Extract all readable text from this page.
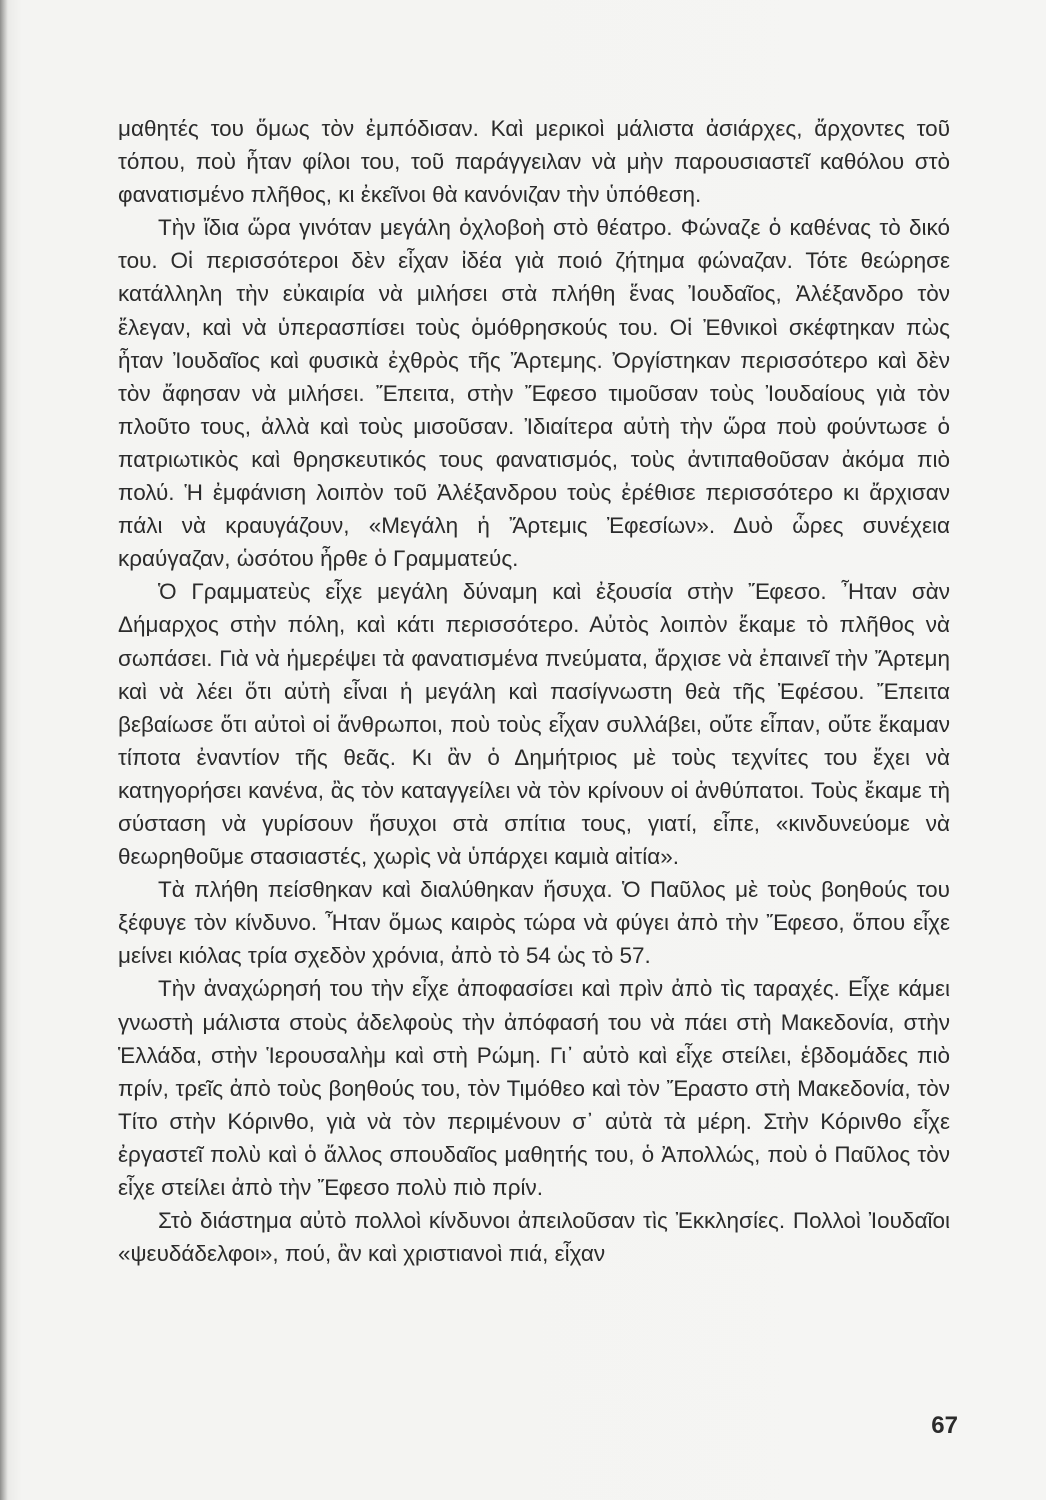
μαθητές του ὅμως τὸν ἐμπόδισαν. Καὶ μερικοὶ μάλιστα ἀσιάρχες, ἄρχοντες τοῦ τόπου, ποὺ ἦταν φίλοι του, τοῦ παράγγειλαν νὰ μὴν παρουσιαστεῖ καθόλου στὸ φανατισμένο πλῆθος, κι ἐκεῖνοι θὰ κανόνιζαν τὴν ὑπόθεση.

Τὴν ἴδια ὥρα γινόταν μεγάλη ὀχλοβοὴ στὸ θέατρο. Φώναζε ὁ καθένας τὸ δικό του. Οἱ περισσότεροι δὲν εἶχαν ἰδέα γιὰ ποιό ζήτημα φώναζαν. Τότε θεώρησε κατάλληλη τὴν εὐκαιρία νὰ μιλήσει στὰ πλήθη ἕνας Ἰουδαῖος, Ἀλέξανδρο τὸν ἔλεγαν, καὶ νὰ ὑπερασπίσει τοὺς ὁμόθρησκούς του. Οἱ Ἐθνικοὶ σκέφτηκαν πὼς ἦταν Ἰουδαῖος καὶ φυσικὰ ἐχθρὸς τῆς Ἄρτεμης. Ὀργίστηκαν περισσότερο καὶ δὲν τὸν ἄφησαν νὰ μιλήσει. Ἔπειτα, στὴν Ἔφεσο τιμοῦσαν τοὺς Ἰουδαίους γιὰ τὸν πλοῦτο τους, ἀλλὰ καὶ τοὺς μισοῦσαν. Ἰδιαίτερα αὐτὴ τὴν ὥρα ποὺ φούντωσε ὁ πατριωτικὸς καὶ θρησκευτικός τους φανατισμός, τοὺς ἀντιπαθοῦσαν ἀκόμα πιὸ πολύ. Ἡ ἐμφάνιση λοιπὸν τοῦ Ἀλέξανδρου τοὺς ἐρέθισε περισσότερο κι ἄρχισαν πάλι νὰ κραυγάζουν, «Μεγάλη ἡ Ἄρτεμις Ἐφεσίων». Δυὸ ὧρες συνέχεια κραύγαζαν, ὡσότου ἦρθε ὁ Γραμματεύς.

Ὁ Γραμματεὺς εἶχε μεγάλη δύναμη καὶ ἐξουσία στὴν Ἔφεσο. Ἦταν σὰν Δήμαρχος στὴν πόλη, καὶ κάτι περισσότερο. Αὐτὸς λοιπὸν ἔκαμε τὸ πλῆθος νὰ σωπάσει. Γιὰ νὰ ἡμερέψει τὰ φανατισμένα πνεύματα, ἄρχισε νὰ ἐπαινεῖ τὴν Ἄρτεμη καὶ νὰ λέει ὅτι αὐτὴ εἶναι ἡ μεγάλη καὶ πασίγνωστη θεὰ τῆς Ἐφέσου. Ἔπειτα βεβαίωσε ὅτι αὐτοὶ οἱ ἄνθρωποι, ποὺ τοὺς εἶχαν συλλάβει, οὔτε εἶπαν, οὔτε ἔκαμαν τίποτα ἐναντίον τῆς θεᾶς. Κι ἂν ὁ Δημήτριος μὲ τοὺς τεχνίτες του ἔχει νὰ κατηγορήσει κανένα, ἂς τὸν καταγγείλει νὰ τὸν κρίνουν οἱ ἀνθύπατοι. Τοὺς ἔκαμε τὴ σύσταση νὰ γυρίσουν ἥσυχοι στὰ σπίτια τους, γιατί, εἶπε, «κινδυνεύομε νὰ θεωρηθοῦμε στασιαστές, χωρὶς νὰ ὑπάρχει καμιὰ αἰτία».

Τὰ πλήθη πείσθηκαν καὶ διαλύθηκαν ἥσυχα. Ὁ Παῦλος μὲ τοὺς βοηθούς του ξέφυγε τὸν κίνδυνο. Ἦταν ὅμως καιρὸς τώρα νὰ φύγει ἀπὸ τὴν Ἔφεσο, ὅπου εἶχε μείνει κιόλας τρία σχεδὸν χρόνια, ἀπὸ τὸ 54 ὡς τὸ 57.

Τὴν ἀναχώρησή του τὴν εἶχε ἀποφασίσει καὶ πρὶν ἀπὸ τὶς ταραχές. Εἶχε κάμει γνωστὴ μάλιστα στοὺς ἀδελφοὺς τὴν ἀπόφασή του νὰ πάει στὴ Μακεδονία, στὴν Ἑλλάδα, στὴν Ἱερουσαλὴμ καὶ στὴ Ρώμη. Γι᾽ αὐτὸ καὶ εἶχε στείλει, ἑβδομάδες πιὸ πρίν, τρεῖς ἀπὸ τοὺς βοηθούς του, τὸν Τιμόθεο καὶ τὸν Ἔραστο στὴ Μακεδονία, τὸν Τίτο στὴν Κόρινθο, γιὰ νὰ τὸν περιμένουν σ᾽ αὐτὰ τὰ μέρη. Στὴν Κόρινθο εἶχε ἐργαστεῖ πολὺ καὶ ὁ ἄλλος σπουδαῖος μαθητής του, ὁ Ἀπολλώς, ποὺ ὁ Παῦλος τὸν εἶχε στείλει ἀπὸ τὴν Ἔφεσο πολὺ πιὸ πρίν.

Στὸ διάστημα αὐτὸ πολλοὶ κίνδυνοι ἀπειλοῦσαν τὶς Ἐκκλησίες. Πολλοὶ Ἰουδαῖοι «ψευδάδελφοι», πού, ἂν καὶ χριστιανοὶ πιά, εἶχαν

67
